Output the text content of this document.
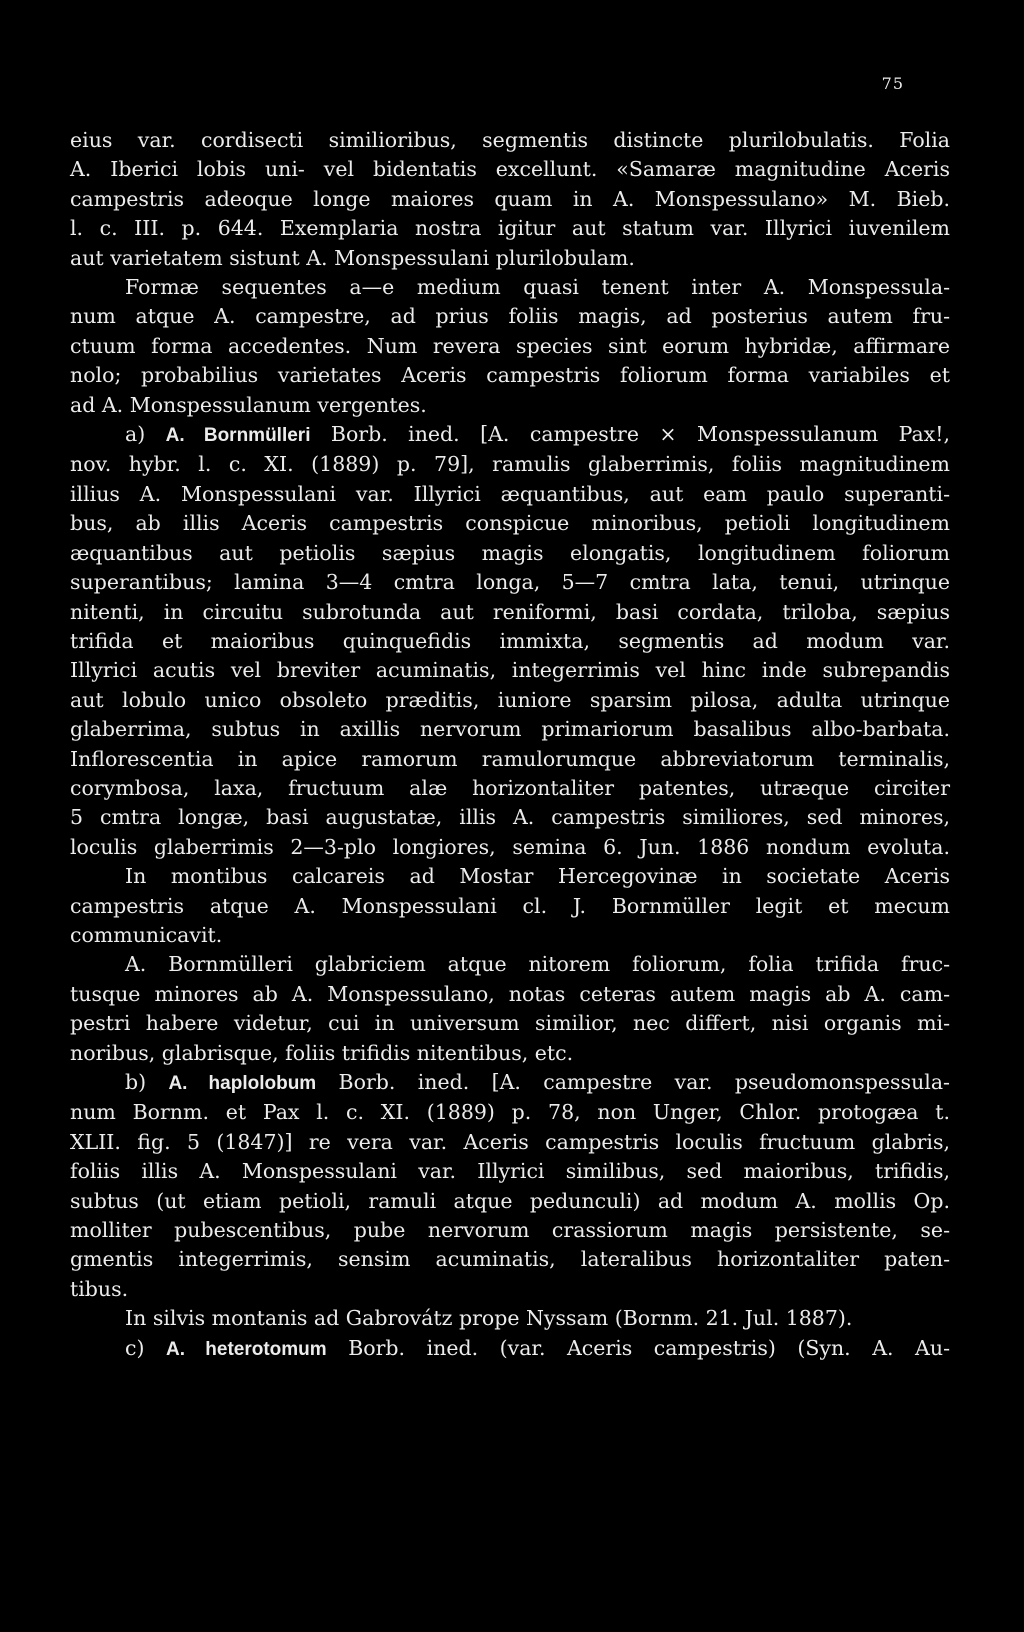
75
eius var. cordisecti similioribus, segmentis distincte plurilobulatis. Folia
A. Iberici lobis uni- vel bidentatis excellunt. «Samaræ magnitudine Aceris
campestris adeoque longe maiores quam in A. Monspessulano» M. Bieb.
l. c. III. p. 644. Exemplaria nostra igitur aut statum var. Illyrici iuvenilem
aut varietatem sistunt A. Monspessulani plurilobulam.
Formæ sequentes a—e medium quasi tenent inter A. Monspessula-
num atque A. campestre, ad prius foliis magis, ad posterius autem fru-
ctuum forma accedentes. Num revera species sint eorum hybridæ, affirmare
nolo; probabilius varietates Aceris campestris foliorum forma variabiles et
ad A. Monspessulanum vergentes.
a) A. Bornmülleri Borb. ined. [A. campestre × Monspessulanum Pax!,
nov. hybr. l. c. XI. (1889) p. 79], ramulis glaberrimis, foliis magnitudinem
illius A. Monspessulani var. Illyrici æquantibus, aut eam paulo superanti-
bus, ab illis Aceris campestris conspicue minoribus, petioli longitudinem
æquantibus aut petiolis sæpius magis elongatis, longitudinem foliorum
superantibus; lamina 3—4 cmtra longa, 5—7 cmtra lata, tenui, utrinque
nitenti, in circuitu subrotunda aut reniformi, basi cordata, triloba, sæpius
trifida et maioribus quinquefidis immixta, segmentis ad modum var.
Illyrici acutis vel breviter acuminatis, integerrimis vel hinc inde subrepandis
aut lobulo unico obsoleto præditis, iuniore sparsim pilosa, adulta utrinque
glaberrima, subtus in axillis nervorum primariorum basalibus albo-barbata.
Inflorescentia in apice ramorum ramulorumque abbreviatorum terminalis,
corymbosa, laxa, fructuum alæ horizontaliter patentes, utræque circiter
5 cmtra longæ, basi augustatæ, illis A. campestris similiores, sed minores,
loculis glaberrimis 2—3-plo longiores, semina 6. Jun. 1886 nondum evoluta.
In montibus calcareis ad Mostar Hercegovinæ in societate Aceris
campestris atque A. Monspessulani cl. J. Bornmüller legit et mecum
communicavit.
A. Bornmülleri glabriciem atque nitorem foliorum, folia trifida fruc-
tusque minores ab A. Monspessulano, notas ceteras autem magis ab A. cam-
pestri habere videtur, cui in universum similior, nec differt, nisi organis mi-
noribus, glabrisque, foliis trifidis nitentibus, etc.
b) A. haplolobum Borb. ined. [A. campestre var. pseudomonspessula-
num Bornm. et Pax l. c. XI. (1889) p. 78, non Unger, Chlor. protogæa t.
XLII. fig. 5 (1847)] re vera var. Aceris campestris loculis fructuum glabris,
foliis illis A. Monspessulani var. Illyrici similibus, sed maioribus, trifidis,
subtus (ut etiam petioli, ramuli atque pedunculi) ad modum A. mollis Op.
molliter pubescentibus, pube nervorum crassiorum magis persistente, se-
gmentis integerrimis, sensim acuminatis, lateralibus horizontaliter paten-
tibus.
In silvis montanis ad Gabrovátz prope Nyssam (Bornm. 21. Jul. 1887).
c) A. heterotomum Borb. ined. (var. Aceris campestris) (Syn. A. Au-
